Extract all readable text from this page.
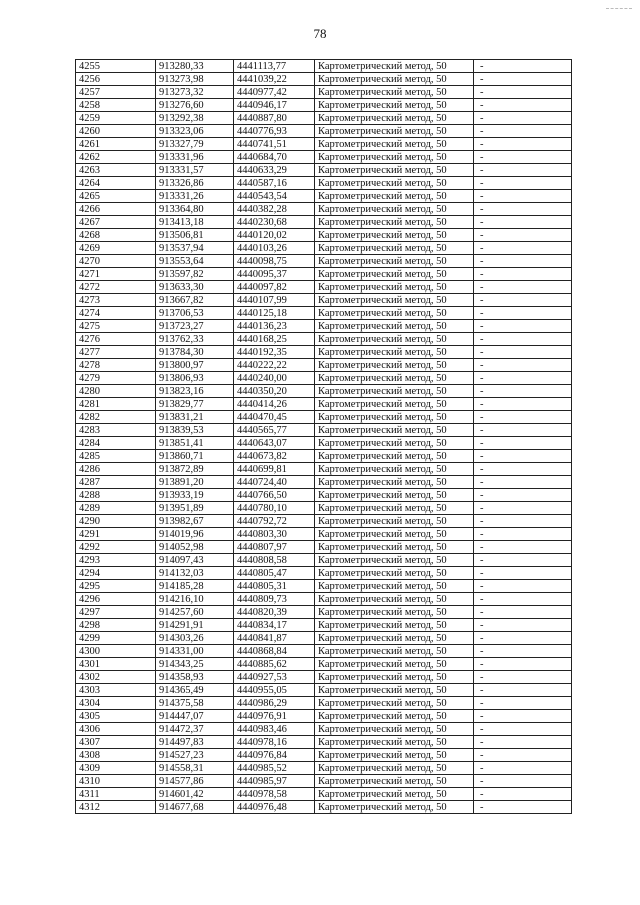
78
4255	913280,33	4441113,77	Картометрический метод, 50	-
4256	913273,98	4441039,22	Картометрический метод, 50	-
4257	913273,32	4440977,42	Картометрический метод, 50	-
4258	913276,60	4440946,17	Картометрический метод, 50	-
4259	913292,38	4440887,80	Картометрический метод, 50	-
4260	913323,06	4440776,93	Картометрический метод, 50	-
4261	913327,79	4440741,51	Картометрический метод, 50	-
4262	913331,96	4440684,70	Картометрический метод, 50	-
4263	913331,57	4440633,29	Картометрический метод, 50	-
4264	913326,86	4440587,16	Картометрический метод, 50	-
4265	913331,26	4440543,54	Картометрический метод, 50	-
4266	913364,80	4440382,28	Картометрический метод, 50	-
4267	913413,18	4440230,68	Картометрический метод, 50	-
4268	913506,81	4440120,02	Картометрический метод, 50	-
4269	913537,94	4440103,26	Картометрический метод, 50	-
4270	913553,64	4440098,75	Картометрический метод, 50	-
4271	913597,82	4440095,37	Картометрический метод, 50	-
4272	913633,30	4440097,82	Картометрический метод, 50	-
4273	913667,82	4440107,99	Картометрический метод, 50	-
4274	913706,53	4440125,18	Картометрический метод, 50	-
4275	913723,27	4440136,23	Картометрический метод, 50	-
4276	913762,33	4440168,25	Картометрический метод, 50	-
4277	913784,30	4440192,35	Картометрический метод, 50	-
4278	913800,97	4440222,22	Картометрический метод, 50	-
4279	913806,93	4440240,00	Картометрический метод, 50	-
4280	913823,16	4440350,20	Картометрический метод, 50	-
4281	913829,77	4440414,26	Картометрический метод, 50	-
4282	913831,21	4440470,45	Картометрический метод, 50	-
4283	913839,53	4440565,77	Картометрический метод, 50	-
4284	913851,41	4440643,07	Картометрический метод, 50	-
4285	913860,71	4440673,82	Картометрический метод, 50	-
4286	913872,89	4440699,81	Картометрический метод, 50	-
4287	913891,20	4440724,40	Картометрический метод, 50	-
4288	913933,19	4440766,50	Картометрический метод, 50	-
4289	913951,89	4440780,10	Картометрический метод, 50	-
4290	913982,67	4440792,72	Картометрический метод, 50	-
4291	914019,96	4440803,30	Картометрический метод, 50	-
4292	914052,98	4440807,97	Картометрический метод, 50	-
4293	914097,43	4440808,58	Картометрический метод, 50	-
4294	914132,03	4440805,47	Картометрический метод, 50	-
4295	914185,28	4440805,31	Картометрический метод, 50	-
4296	914216,10	4440809,73	Картометрический метод, 50	-
4297	914257,60	4440820,39	Картометрический метод, 50	-
4298	914291,91	4440834,17	Картометрический метод, 50	-
4299	914303,26	4440841,87	Картометрический метод, 50	-
4300	914331,00	4440868,84	Картометрический метод, 50	-
4301	914343,25	4440885,62	Картометрический метод, 50	-
4302	914358,93	4440927,53	Картометрический метод, 50	-
4303	914365,49	4440955,05	Картометрический метод, 50	-
4304	914375,58	4440986,29	Картометрический метод, 50	-
4305	914447,07	4440976,91	Картометрический метод, 50	-
4306	914472,37	4440983,46	Картометрический метод, 50	-
4307	914497,83	4440978,16	Картометрический метод, 50	-
4308	914527,23	4440976,84	Картометрический метод, 50	-
4309	914558,31	4440985,52	Картометрический метод, 50	-
4310	914577,86	4440985,97	Картометрический метод, 50	-
4311	914601,42	4440978,58	Картометрический метод, 50	-
4312	914677,68	4440976,48	Картометрический метод, 50	-
